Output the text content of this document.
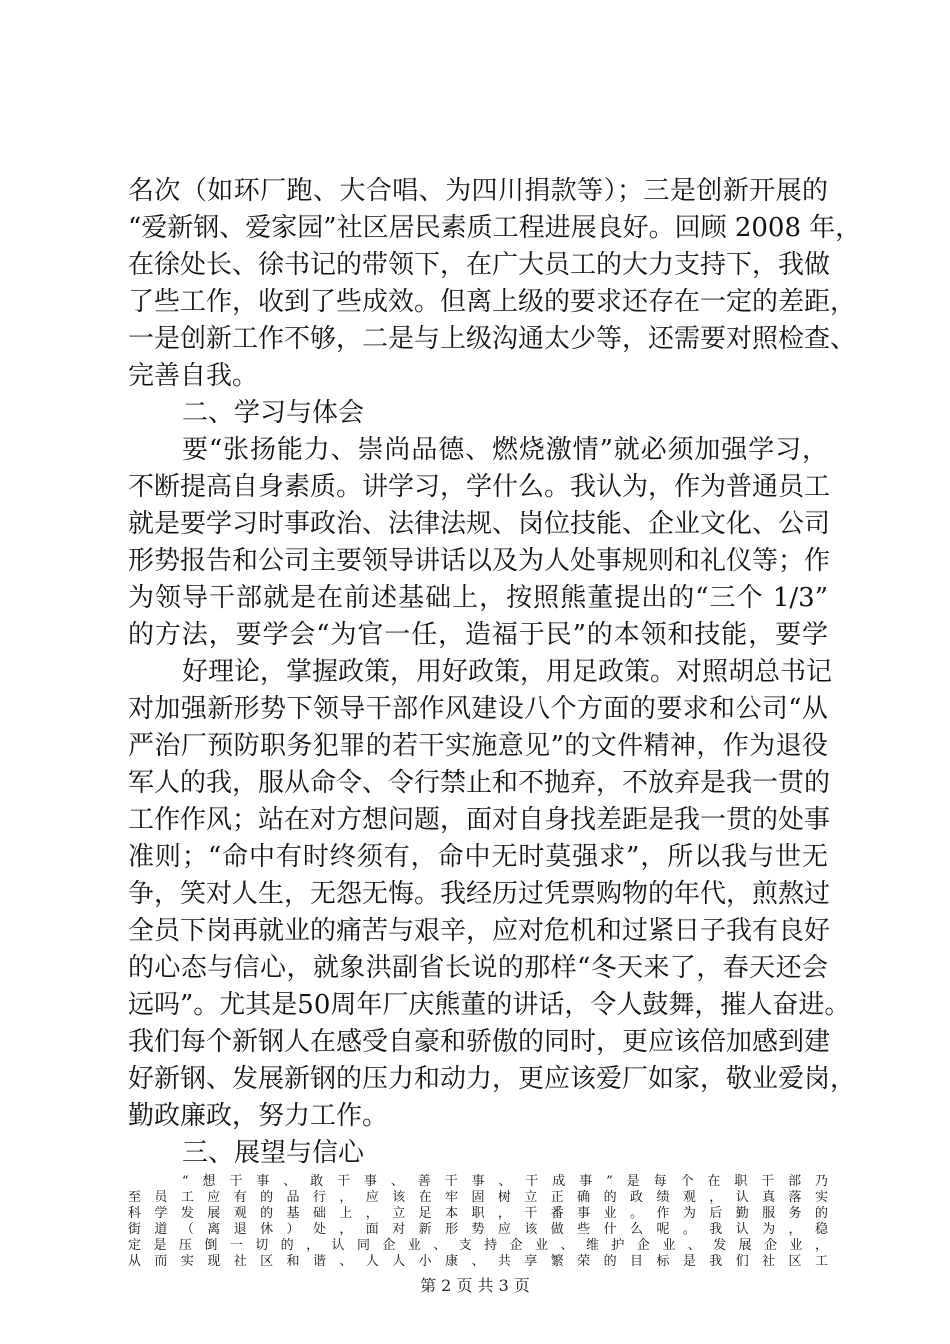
名次（如环厂跑、大合唱、为四川捐款等）；三是创新开展的
“爱新钢、爱家园”社区居民素质工程进展良好。回顾 2008 年，
在徐处长、徐书记的带领下，在广大员工的大力支持下，我做
了些工作，收到了些成效。但离上级的要求还存在一定的差距，
一是创新工作不够，二是与上级沟通太少等，还需要对照检查、
完善自我。
二、学习与体会
要“张扬能力、崇尚品德、燃烧激情”就必须加强学习，
不断提高自身素质。讲学习，学什么。我认为，作为普通员工
就是要学习时事政治、法律法规、岗位技能、企业文化、公司
形势报告和公司主要领导讲话以及为人处事规则和礼仪等；作
为领导干部就是在前述基础上，按照熊董提出的“三个 1/3”
的方法，要学会“为官一任，造福于民”的本领和技能，要学
好理论，掌握政策，用好政策，用足政策。对照胡总书记
对加强新形势下领导干部作风建设八个方面的要求和公司“从
严治厂预防职务犯罪的若干实施意见”的文件精神，作为退役
军人的我，服从命令、令行禁止和不抛弃，不放弃是我一贯的
工作作风；站在对方想问题，面对自身找差距是我一贯的处事
准则；“命中有时终须有，命中无时莫强求”，所以我与世无
争，笑对人生，无怨无悔。我经历过凭票购物的年代，煎熬过
全员下岗再就业的痛苦与艰辛，应对危机和过紧日子我有良好
的心态与信心，就象洪副省长说的那样“冬天来了，春天还会
远吗”。尤其是50周年厂庆熊董的讲话，令人鼓舞，摧人奋进。
我们每个新钢人在感受自豪和骄傲的同时，更应该倍加感到建
好新钢、发展新钢的压力和动力，更应该爱厂如家，敬业爱岗，
勤政廉政，努力工作。
三、展望与信心
第 2 页 共 3 页
“想干事、敢干事、善干事、干成事”是每个在职干部乃
至员工应有的品行，应该在牢固树立正确的政绩观，认真落实
科学发展观的基础上，立足本职，干番事业。作为后勤服务的
街道（离退休）处，面对新形势应该做些什么呢。我认为，稳
定是压倒一切的，认同企业、支持企业、维护企业、发展企业，
从而实现社区和谐、人人小康、共享繁荣的目标是我们社区工
